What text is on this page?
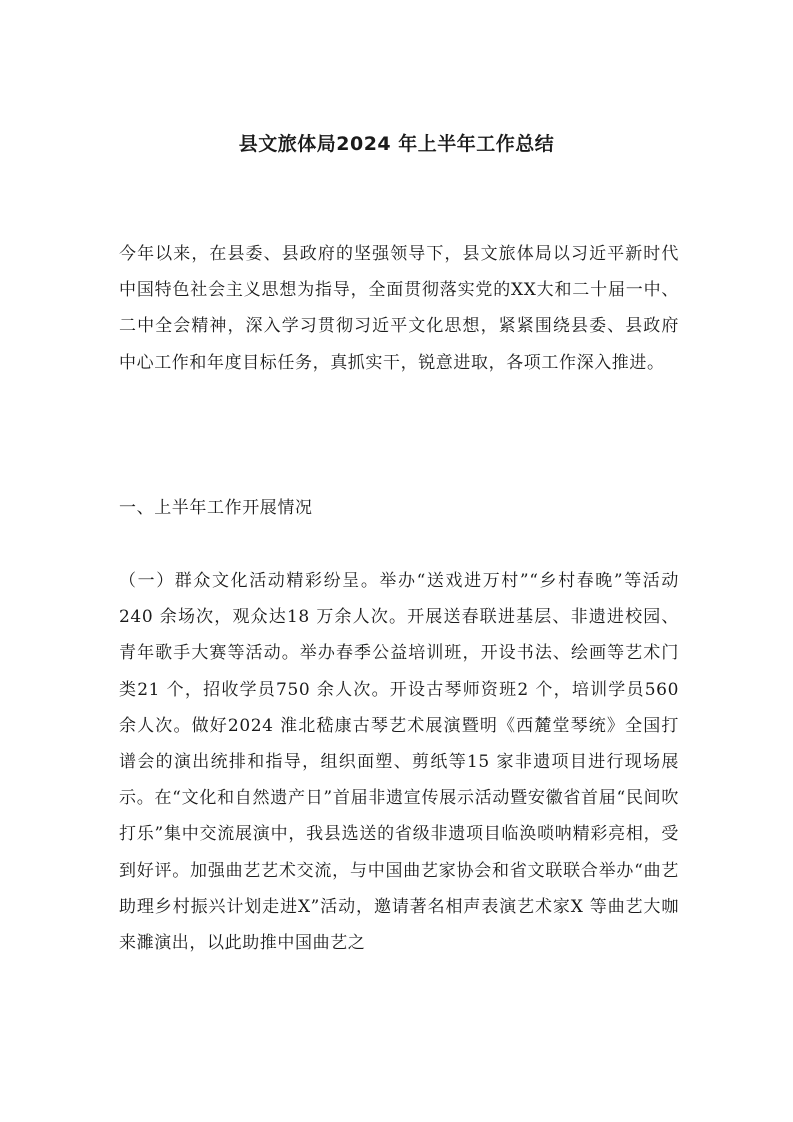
县文旅体局2024 年上半年工作总结

今年以来，在县委、县政府的坚强领导下，县文旅体局以习近平新时代中国特色社会主义思想为指导，全面贯彻落实党的XX大和二十届一中、二中全会精神，深入学习贯彻习近平文化思想，紧紧围绕县委、县政府中心工作和年度目标任务，真抓实干，锐意进取，各项工作深入推进。

一、上半年工作开展情况

（一）群众文化活动精彩纷呈。举办“送戏进万村”“乡村春晚”等活动240 余场次，观众达18 万余人次。开展送春联进基层、非遗进校园、青年歌手大赛等活动。举办春季公益培训班，开设书法、绘画等艺术门类21 个，招收学员750 余人次。开设古琴师资班2 个，培训学员560 余人次。做好2024 淮北嵇康古琴艺术展演暨明《西麓堂琴统》全国打谱会的演出统排和指导，组织面塑、剪纸等15 家非遗项目进行现场展示。在“文化和自然遗产日”首届非遗宣传展示活动暨安徽省首届“民间吹打乐”集中交流展演中，我县选送的省级非遗项目临涣唢呐精彩亮相，受到好评。加强曲艺艺术交流，与中国曲艺家协会和省文联联合举办“曲艺助理乡村振兴计划走进X”活动，邀请著名相声表演艺术家X 等曲艺大咖来濉演出，以此助推中国曲艺之
